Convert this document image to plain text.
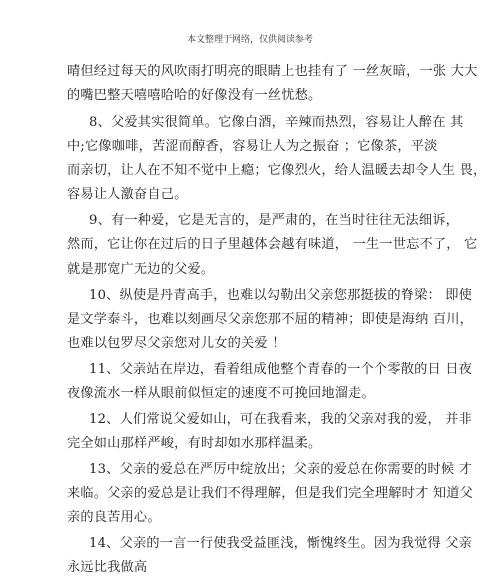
本文整理于网络，仅供阅读参考
晴但经过每天的风吹雨打明亮的眼睛上也挂有了 一丝灰暗，一张 大大
的嘴巴整天嘻嘻哈哈的好像没有一丝忧愁。
8、父爱其实很简单。它像白酒，辛辣而热烈，容易让人醉在 其
中;它像咖啡，苦涩而醇香，容易让人为之振奋 ；它像茶，平淡
而亲切，让人在不知不觉中上瘾；它像烈火，给人温暖去却令人生 畏，
容易让人激奋自己。
9、有一种爱，它是无言的，是严肃的，在当时往往无法细诉，
然而，它让你在过后的日子里越体会越有味道， 一生一世忘不了， 它
就是那宽广无边的父爱。
10、纵使是丹青高手，也难以勾勒出父亲您那挺拔的脊梁： 即使
是文学泰斗，也难以刻画尽父亲您那不屈的精神；即使是海纳 百川，
也难以包罗尽父亲您对儿女的关爱 ！
11、父亲站在岸边，看着组成他整个青春的一个个零散的日 日夜
夜像流水一样从眼前似恒定的速度不可挽回地溜走。
12、人们常说父爱如山，可在我看来，我的父亲对我的爱， 并非
完全如山那样严峻，有时却如水那样温柔。
13、父亲的爱总在严厉中绽放出；父亲的爱总在你需要的时候 才
来临。父亲的爱总是让我们不得理解，但是我们完全理解时才 知道父
亲的良苦用心。
14、父亲的一言一行使我受益匪浅，惭愧终生。因为我觉得 父亲
永远比我做高
